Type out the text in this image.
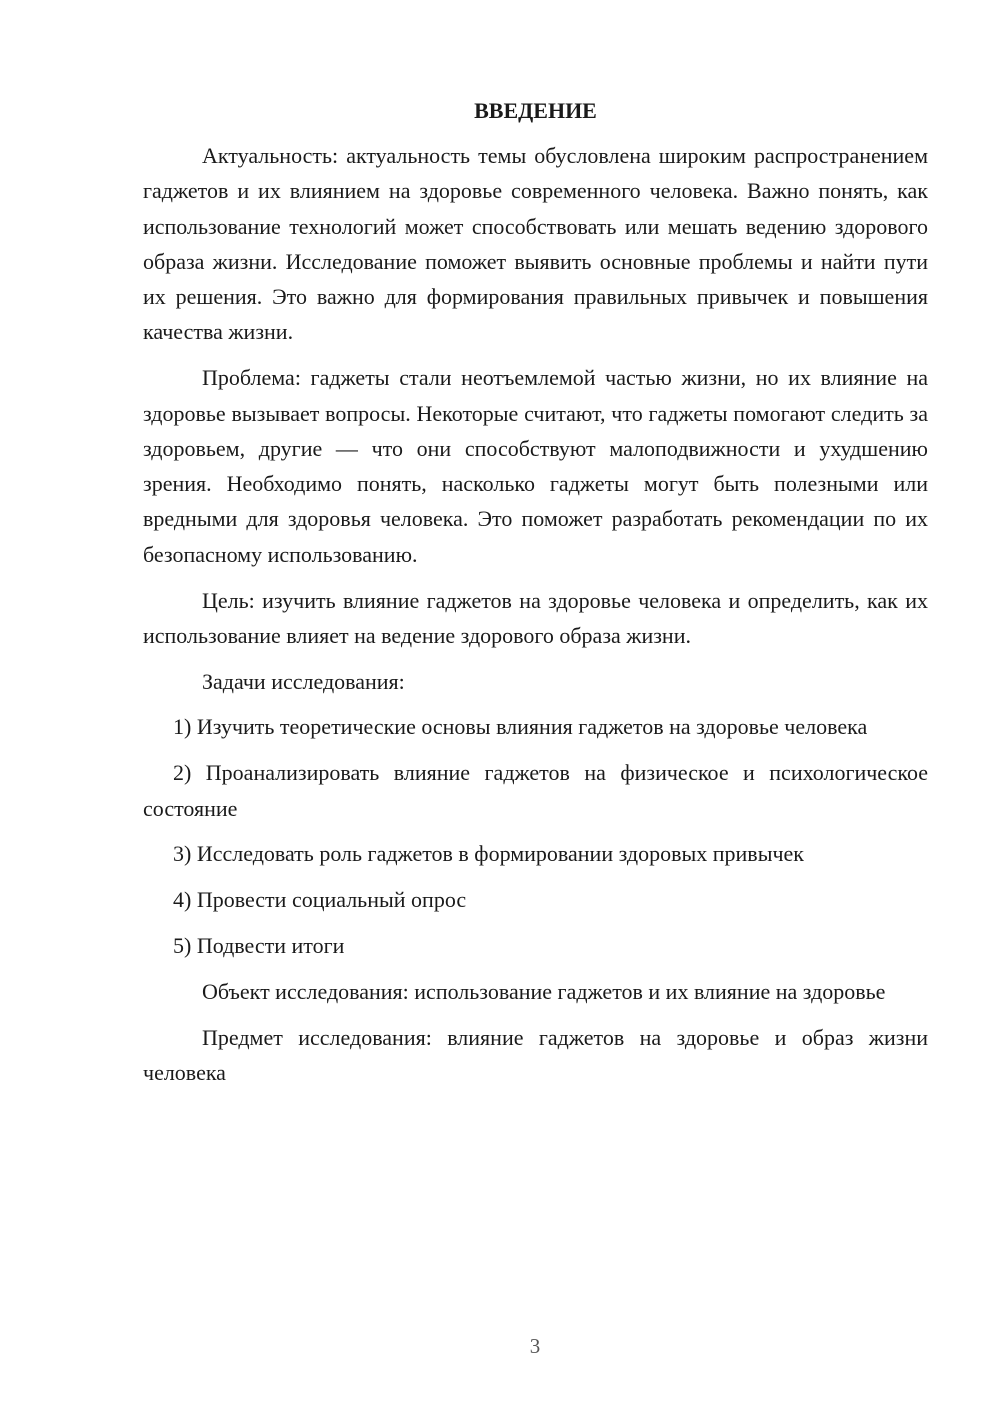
ВВЕДЕНИЕ

Актуальность: актуальность темы обусловлена широким распространением гаджетов и их влиянием на здоровье современного человека. Важно понять, как использование технологий может способствовать или мешать ведению здорового образа жизни. Исследование поможет выявить основные проблемы и найти пути их решения. Это важно для формирования правильных привычек и повышения качества жизни.

Проблема: гаджеты стали неотъемлемой частью жизни, но их влияние на здоровье вызывает вопросы. Некоторые считают, что гаджеты помогают следить за здоровьем, другие — что они способствуют малоподвижности и ухудшению зрения. Необходимо понять, насколько гаджеты могут быть полезными или вредными для здоровья человека. Это поможет разработать рекомендации по их безопасному использованию.

Цель: изучить влияние гаджетов на здоровье человека и определить, как их использование влияет на ведение здорового образа жизни.

Задачи исследования:

1) Изучить теоретические основы влияния гаджетов на здоровье человека

2) Проанализировать влияние гаджетов на физическое и психологическое состояние

3) Исследовать роль гаджетов в формировании здоровых привычек

4) Провести социальный опрос

5) Подвести итоги

Объект исследования: использование гаджетов и их влияние на здоровье

Предмет исследования: влияние гаджетов на здоровье и образ жизни человека

3
